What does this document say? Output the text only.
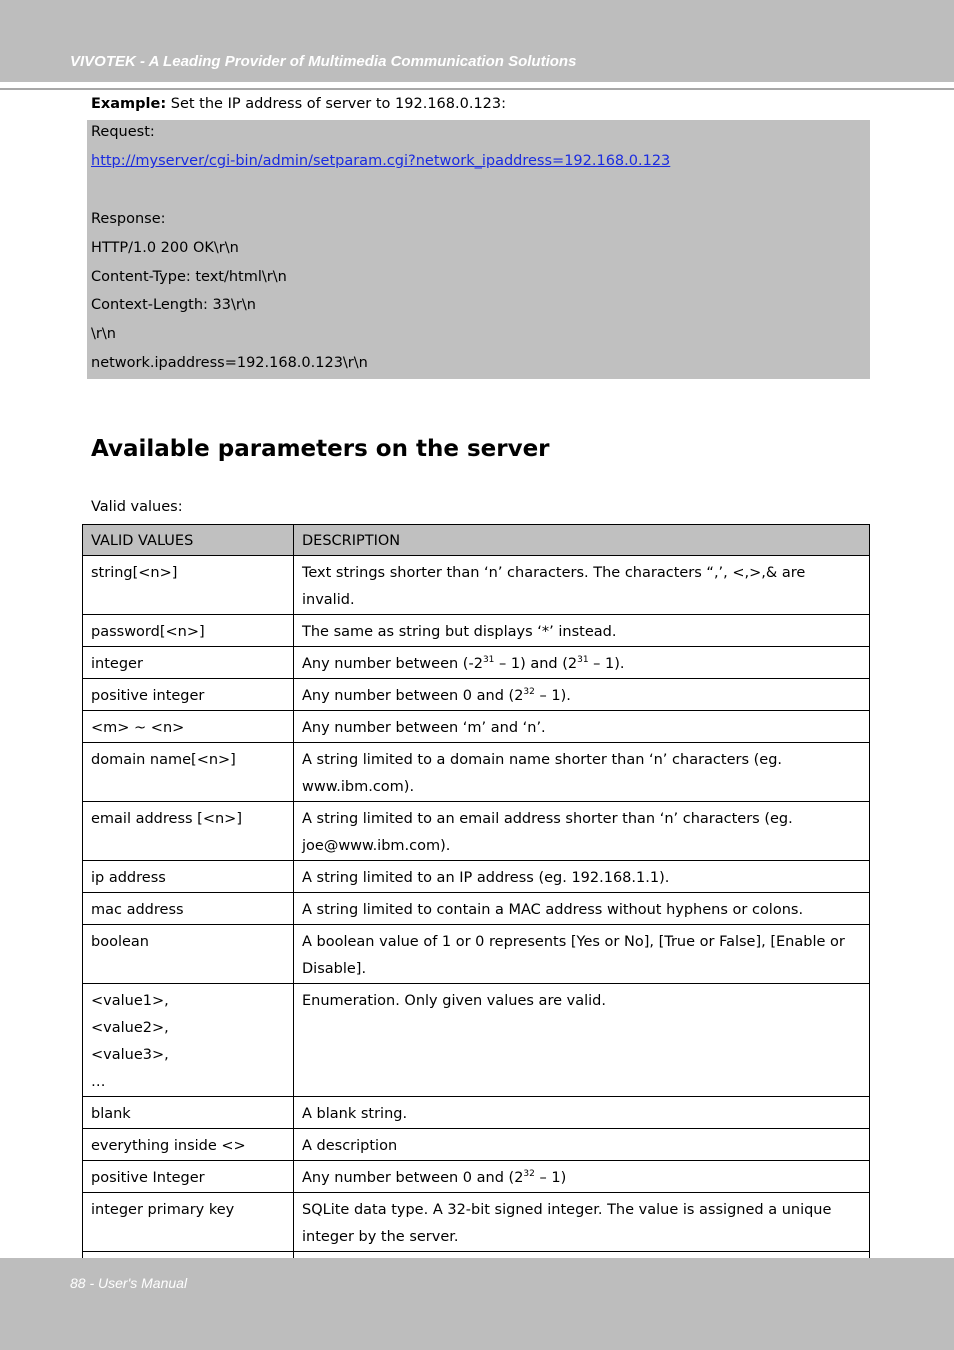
VIVOTEK - A Leading Provider of Multimedia Communication Solutions
Example: Set the IP address of server to 192.168.0.123:
Request:
http://myserver/cgi-bin/admin/setparam.cgi?network_ipaddress=192.168.0.123
Response:
HTTP/1.0 200 OK\r\n
Content-Type: text/html\r\n
Context-Length: 33\r\n
\r\n
network.ipaddress=192.168.0.123\r\n
Available parameters on the server
Valid values:
VALID VALUES	DESCRIPTION
string[<n>]	Text strings shorter than ‘n’ characters. The characters “,’, <,>,& are invalid.
password[<n>]	The same as string but displays ‘*’ instead.
integer	Any number between $(-2^{31} - 1)$ and $(2^{31} - 1)$.
positive integer	Any number between 0 and $(2^{32} - 1)$.
<m> ~ <n>	Any number between ‘m’ and ‘n’.
domain name[<n>]	A string limited to a domain name shorter than ‘n’ characters (eg. www.ibm.com).
email address [<n>]	A string limited to an email address shorter than ‘n’ characters (eg. joe@www.ibm.com).
ip address	A string limited to an IP address (eg. 192.168.1.1).
mac address	A string limited to contain a MAC address without hyphens or colons.
boolean	A boolean value of 1 or 0 represents [Yes or No], [True or False], [Enable or Disable].

<value1>,
<value2>,
<value3>,
…	Enumeration. Only given values are valid.
blank	A blank string.
everything inside <>	A description
positive Integer	Any number between 0 and $(2^{32} - 1)$
integer primary key	SQLite data type. A 32-bit signed integer. The value is assigned a unique integer by the server.

88 - User's Manual
